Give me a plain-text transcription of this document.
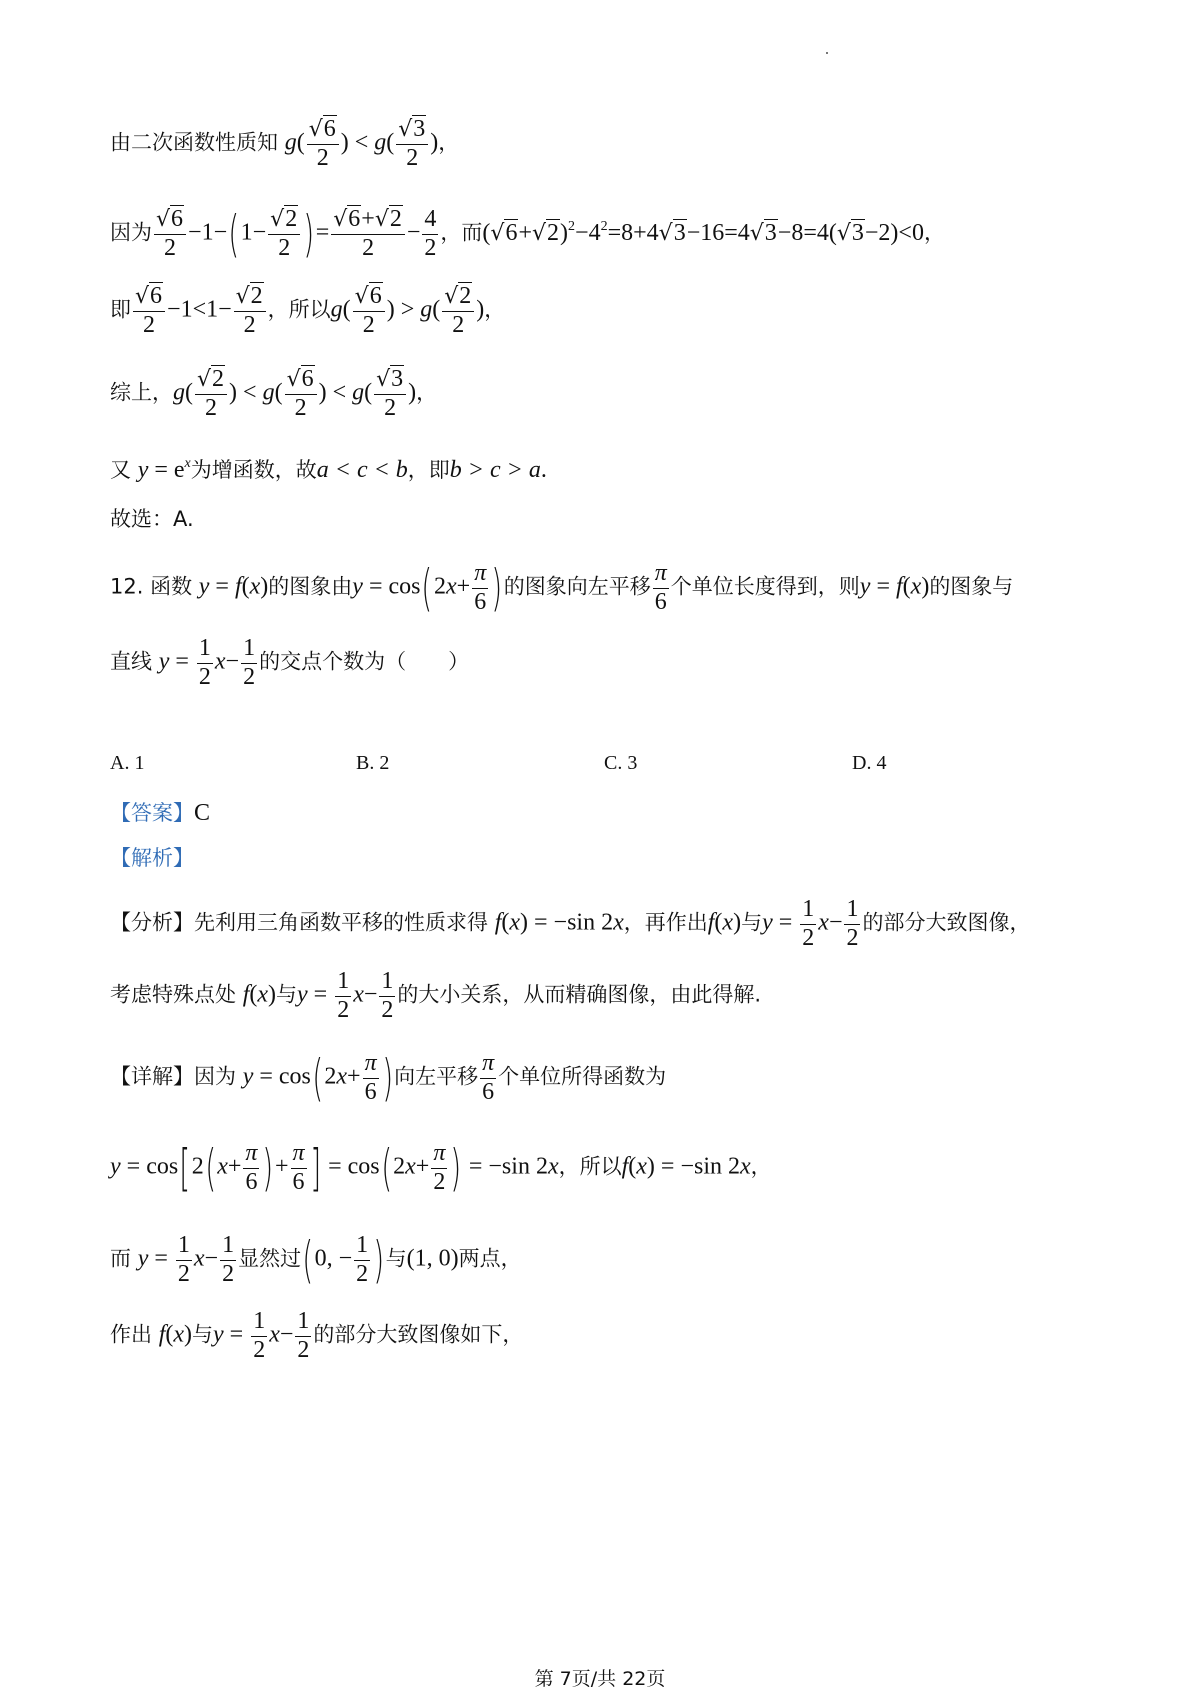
由二次函数性质知 $g( \frac{√6}{2}$ ) < $g( \frac{√3}{2}$ )，
因为 $\frac{√6}{2} -1-(1- \frac{√2}{2}$ )= $\frac{√6+√2}{2} - \frac{4}{2}$ ，而$(√6+√2)^2-4^2=8+4√3-16=4√3-8=4(√3-2)<0$，
即 $\frac{√6}{2} -1<1- \frac{√2}{2}$ ，所以$g( \frac{√6}{2}$ ) > $g( \frac{√2}{2}$ )，
综上，$g( \frac{√2}{2}$ ) < $g( \frac{√6}{2}$ ) < $g( \frac{√3}{2}$ )，
又 $y = e^x$为增函数，故a < c < b，即b > c > a.
故选：A.
12. 函数 y = f(x)的图象由$y = \cos(2x+ \frac{\pi}{6}$ )的图象向左平移 $\frac{\pi}{6}$ 个单位长度得到，则y = f(x)的图象与
直线 $y = \frac{1}{2} x- \frac{1}{2}$ 的交点个数为（　　）
A. 1	B. 2	C. 3	D. 4
【答案】C
【解析】
【分析】先利用三角函数平移的性质求得 f(x) = −sin 2x，再作出f(x)与$y = \frac{1}{2} x- \frac{1}{2}$ 的部分大致图像，
考虑特殊点处 f(x)与$y = \frac{1}{2} x- \frac{1}{2}$ 的大小关系，从而精确图像，由此得解.
【详解】因为 $y = \cos(2x+ \frac{\pi}{6}$ )向左平移 $\frac{\pi}{6}$ 个单位所得函数为
$y = \cos[2(x+ \frac{\pi}{6}$ )+ $\frac{\pi}{6}$ ] = $\cos(2x+ \frac{\pi}{2}$ ) = −sin 2x，所以f(x) = −sin 2x，
而 $y = \frac{1}{2} x- \frac{1}{2}$ 显然过(0, − $\frac{1}{2}$ )与(1, 0)两点，
作出 f(x)与$y = \frac{1}{2} x- \frac{1}{2}$ 的部分大致图像如下，
第 7页/共 22页
